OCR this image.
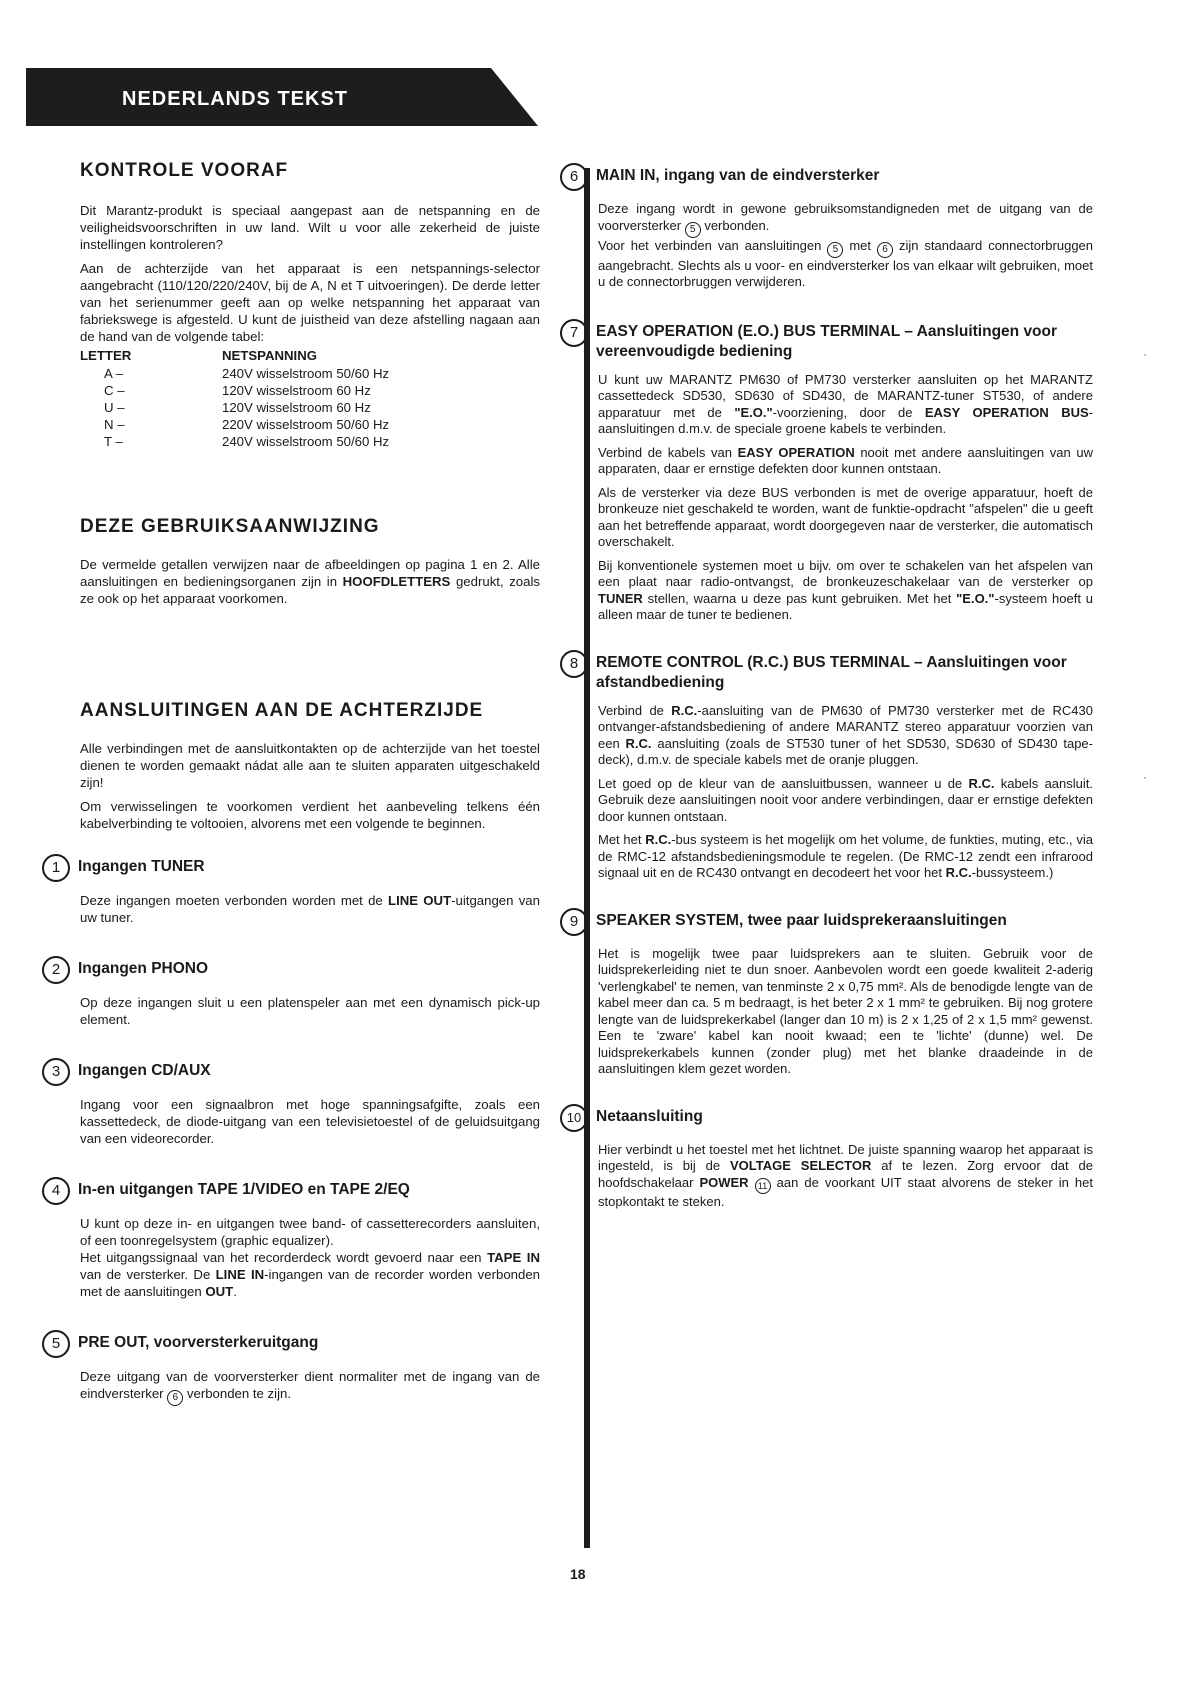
NEDERLANDS TEKST
·
·
KONTROLE VOORAF

Dit Marantz-produkt is speciaal aangepast aan de netspanning en de veiligheidsvoorschriften in uw land. Wilt u voor alle zekerheid de juiste instellingen kontroleren?

Aan de achterzijde van het apparaat is een netspannings-selector aangebracht (110/120/220/240V, bij de A, N et T uitvoeringen). De derde letter van het serienummer geeft aan op welke netspanning het apparaat van fabriekswege is afgesteld. U kunt de juistheid van deze afstelling nagaan aan de hand van de volgende tabel:

LETTER	NETSPANNING
A –	240V wisselstroom 50/60 Hz
C –	120V wisselstroom 60 Hz
U –	120V wisselstroom 60 Hz
N –	220V wisselstroom 50/60 Hz
T –	240V wisselstroom 50/60 Hz
DEZE GEBRUIKSAANWIJZING

De vermelde getallen verwijzen naar de afbeeldingen op pagina 1 en 2. Alle aansluitingen en bedieningsorganen zijn in HOOFDLETTERS gedrukt, zoals ze ook op het apparaat voorkomen.

AANSLUITINGEN AAN DE ACHTERZIJDE

Alle verbindingen met de aansluitkontakten op de achterzijde van het toestel dienen te worden gemaakt nádat alle aan te sluiten apparaten uitgeschakeld zijn!

Om verwisselingen te voorkomen verdient het aanbeveling telkens één kabelverbinding te voltooien, alvorens met een volgende te beginnen.

1	Ingangen TUNER

Deze ingangen moeten verbonden worden met de LINE OUT-uitgangen van uw tuner.

2	Ingangen PHONO

Op deze ingangen sluit u een platenspeler aan met een dynamisch pick-up element.

3	Ingangen CD/AUX

Ingang voor een signaalbron met hoge spanningsafgifte, zoals een kassettedeck, de diode-uitgang van een televisietoestel of de geluidsuitgang van een videorecorder.

4	In-en uitgangen TAPE 1/VIDEO en TAPE 2/EQ

U kunt op deze in- en uitgangen twee band- of cassetterecorders aansluiten, of een toonregelsystem (graphic equalizer).

Het uitgangssignaal van het recorderdeck wordt gevoerd naar een TAPE IN van de versterker. De LINE IN-ingangen van de recorder worden verbonden met de aansluitingen OUT.

5	PRE OUT, voorversterkeruitgang

Deze uitgang van de voorversterker dient normaliter met de ingang van de eindversterker 6 verbonden te zijn.

6	MAIN IN, ingang van de eindversterker

Deze ingang wordt in gewone gebruiksomstandigneden met de uitgang van de voorversterker 5 verbonden.

Voor het verbinden van aansluitingen 5 met 6 zijn standaard connectorbruggen aangebracht. Slechts als u voor- en eindversterker los van elkaar wilt gebruiken, moet u de connectorbruggen verwijderen.

7	EASY OPERATION (E.O.) BUS TERMINAL – Aansluitingen voor vereenvoudigde bediening

U kunt uw MARANTZ PM630 of PM730 versterker aansluiten op het MARANTZ cassettedeck SD530, SD630 of SD430, de MARANTZ-tuner ST530, of andere apparatuur met de "E.O."-voorziening, door de EASY OPERATION BUS-aansluitingen d.m.v. de speciale groene kabels te verbinden.

Verbind de kabels van EASY OPERATION nooit met andere aansluitingen van uw apparaten, daar er ernstige defekten door kunnen ontstaan.

Als de versterker via deze BUS verbonden is met de overige apparatuur, hoeft de bronkeuze niet geschakeld te worden, want de funktie-opdracht "afspelen" die u geeft aan het betreffende apparaat, wordt doorgegeven naar de versterker, die automatisch overschakelt.

Bij konventionele systemen moet u bijv. om over te schakelen van het afspelen van een plaat naar radio-ontvangst, de bronkeuzeschakelaar van de versterker op TUNER stellen, waarna u deze pas kunt gebruiken. Met het "E.O."-systeem hoeft u alleen maar de tuner te bedienen.

8	REMOTE CONTROL (R.C.) BUS TERMINAL – Aansluitingen voor afstandbediening

Verbind de R.C.-aansluiting van de PM630 of PM730 versterker met de RC430 ontvanger-afstandsbediening of andere MARANTZ stereo apparatuur voorzien van een R.C. aansluiting (zoals de ST530 tuner of het SD530, SD630 of SD430 tape-deck), d.m.v. de speciale kabels met de oranje pluggen.

Let goed op de kleur van de aansluitbussen, wanneer u de R.C. kabels aansluit. Gebruik deze aansluitingen nooit voor andere verbindingen, daar er ernstige defekten door kunnen ontstaan.

Met het R.C.-bus systeem is het mogelijk om het volume, de funkties, muting, etc., via de RMC-12 afstandsbedieningsmodule te regelen. (De RMC-12 zendt een infrarood signaal uit en de RC430 ontvangt en decodeert het voor het R.C.-bussysteem.)

9	SPEAKER SYSTEM, twee paar luidsprekeraansluitingen

Het is mogelijk twee paar luidsprekers aan te sluiten. Gebruik voor de luidsprekerleiding niet te dun snoer. Aanbevolen wordt een goede kwaliteit 2-aderig 'verlengkabel' te nemen, van tenminste 2 x 0,75 mm². Als de benodigde lengte van de kabel meer dan ca. 5 m bedraagt, is het beter 2 x 1 mm² te gebruiken. Bij nog grotere lengte van de luidsprekerkabel (langer dan 10 m) is 2 x 1,25 of 2 x 1,5 mm² gewenst. Een te 'zware' kabel kan nooit kwaad; een te 'lichte' (dunne) wel. De luidsprekerkabels kunnen (zonder plug) met het blanke draadeinde in de aansluitingen klem gezet worden.

10 Netaansluiting

Hier verbindt u het toestel met het lichtnet. De juiste spanning waarop het apparaat is ingesteld, is bij de VOLTAGE SELECTOR af te lezen. Zorg ervoor dat de hoofdschakelaar POWER 11 aan de voorkant UIT staat alvorens de steker in het stopkontakt te steken.

18
